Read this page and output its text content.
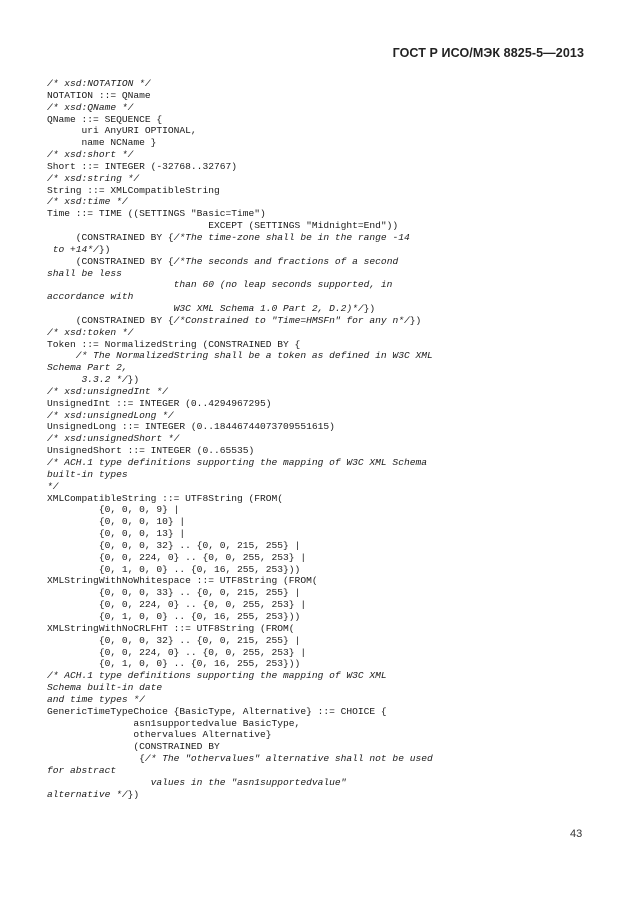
ГОСТ Р ИСО/МЭК 8825-5—2013
/* xsd:NOTATION */
NOTATION ::= QName
/* xsd:QName */
QName ::= SEQUENCE {
uri AnyURI OPTIONAL,
name NCName }
/* xsd:short */
Short ::= INTEGER (-32768..32767)
/* xsd:string */
String ::= XMLCompatibleString
/* xsd:time */
Time ::= TIME ((SETTINGS "Basic=Time")
EXCEPT (SETTINGS "Midnight=End"))
(CONSTRAINED BY {/*The time-zone shall be in the range -14
to +14*/})
(CONSTRAINED BY {/*The seconds and fractions of a second
shall be less
than 60 (no leap seconds supported, in
accordance with
W3C XML Schema 1.0 Part 2, D.2)*/})
(CONSTRAINED BY {/*Constrained to "Time=HMSFn" for any n*/})
/* xsd:token */
Token ::= NormalizedString (CONSTRAINED BY {
/* The NormalizedString shall be a token as defined in W3C XML
Schema Part 2,
3.3.2 */})
/* xsd:unsignedInt */
UnsignedInt ::= INTEGER (0..4294967295)
/* xsd:unsignedLong */
UnsignedLong ::= INTEGER (0..18446744073709551615)
/* xsd:unsignedShort */
UnsignedShort ::= INTEGER (0..65535)
/* ACH.1 type definitions supporting the mapping of W3C XML Schema
built-in types
*/
XMLCompatibleString ::= UTF8String (FROM(
{0, 0, 0, 9} |
{0, 0, 0, 10} |
{0, 0, 0, 13} |
{0, 0, 0, 32} .. {0, 0, 215, 255} |
{0, 0, 224, 0} .. {0, 0, 255, 253} |
{0, 1, 0, 0} .. {0, 16, 255, 253}))
XMLStringWithNoWhitespace ::= UTF8String (FROM(
{0, 0, 0, 33} .. {0, 0, 215, 255} |
{0, 0, 224, 0} .. {0, 0, 255, 253} |
{0, 1, 0, 0} .. {0, 16, 255, 253}))
XMLStringWithNoCRLFHT ::= UTF8String (FROM(
{0, 0, 0, 32} .. {0, 0, 215, 255} |
{0, 0, 224, 0} .. {0, 0, 255, 253} |
{0, 1, 0, 0} .. {0, 16, 255, 253}))
/* ACH.1 type definitions supporting the mapping of W3C XML
Schema built-in date
and time types */
GenericTimeTypeChoice {BasicType, Alternative} ::= CHOICE {
asn1supportedvalue BasicType,
othervalues Alternative}
(CONSTRAINED BY
{/* The "othervalues" alternative shall not be used
for abstract
values in the "asn1supportedvalue"
alternative */})
43
